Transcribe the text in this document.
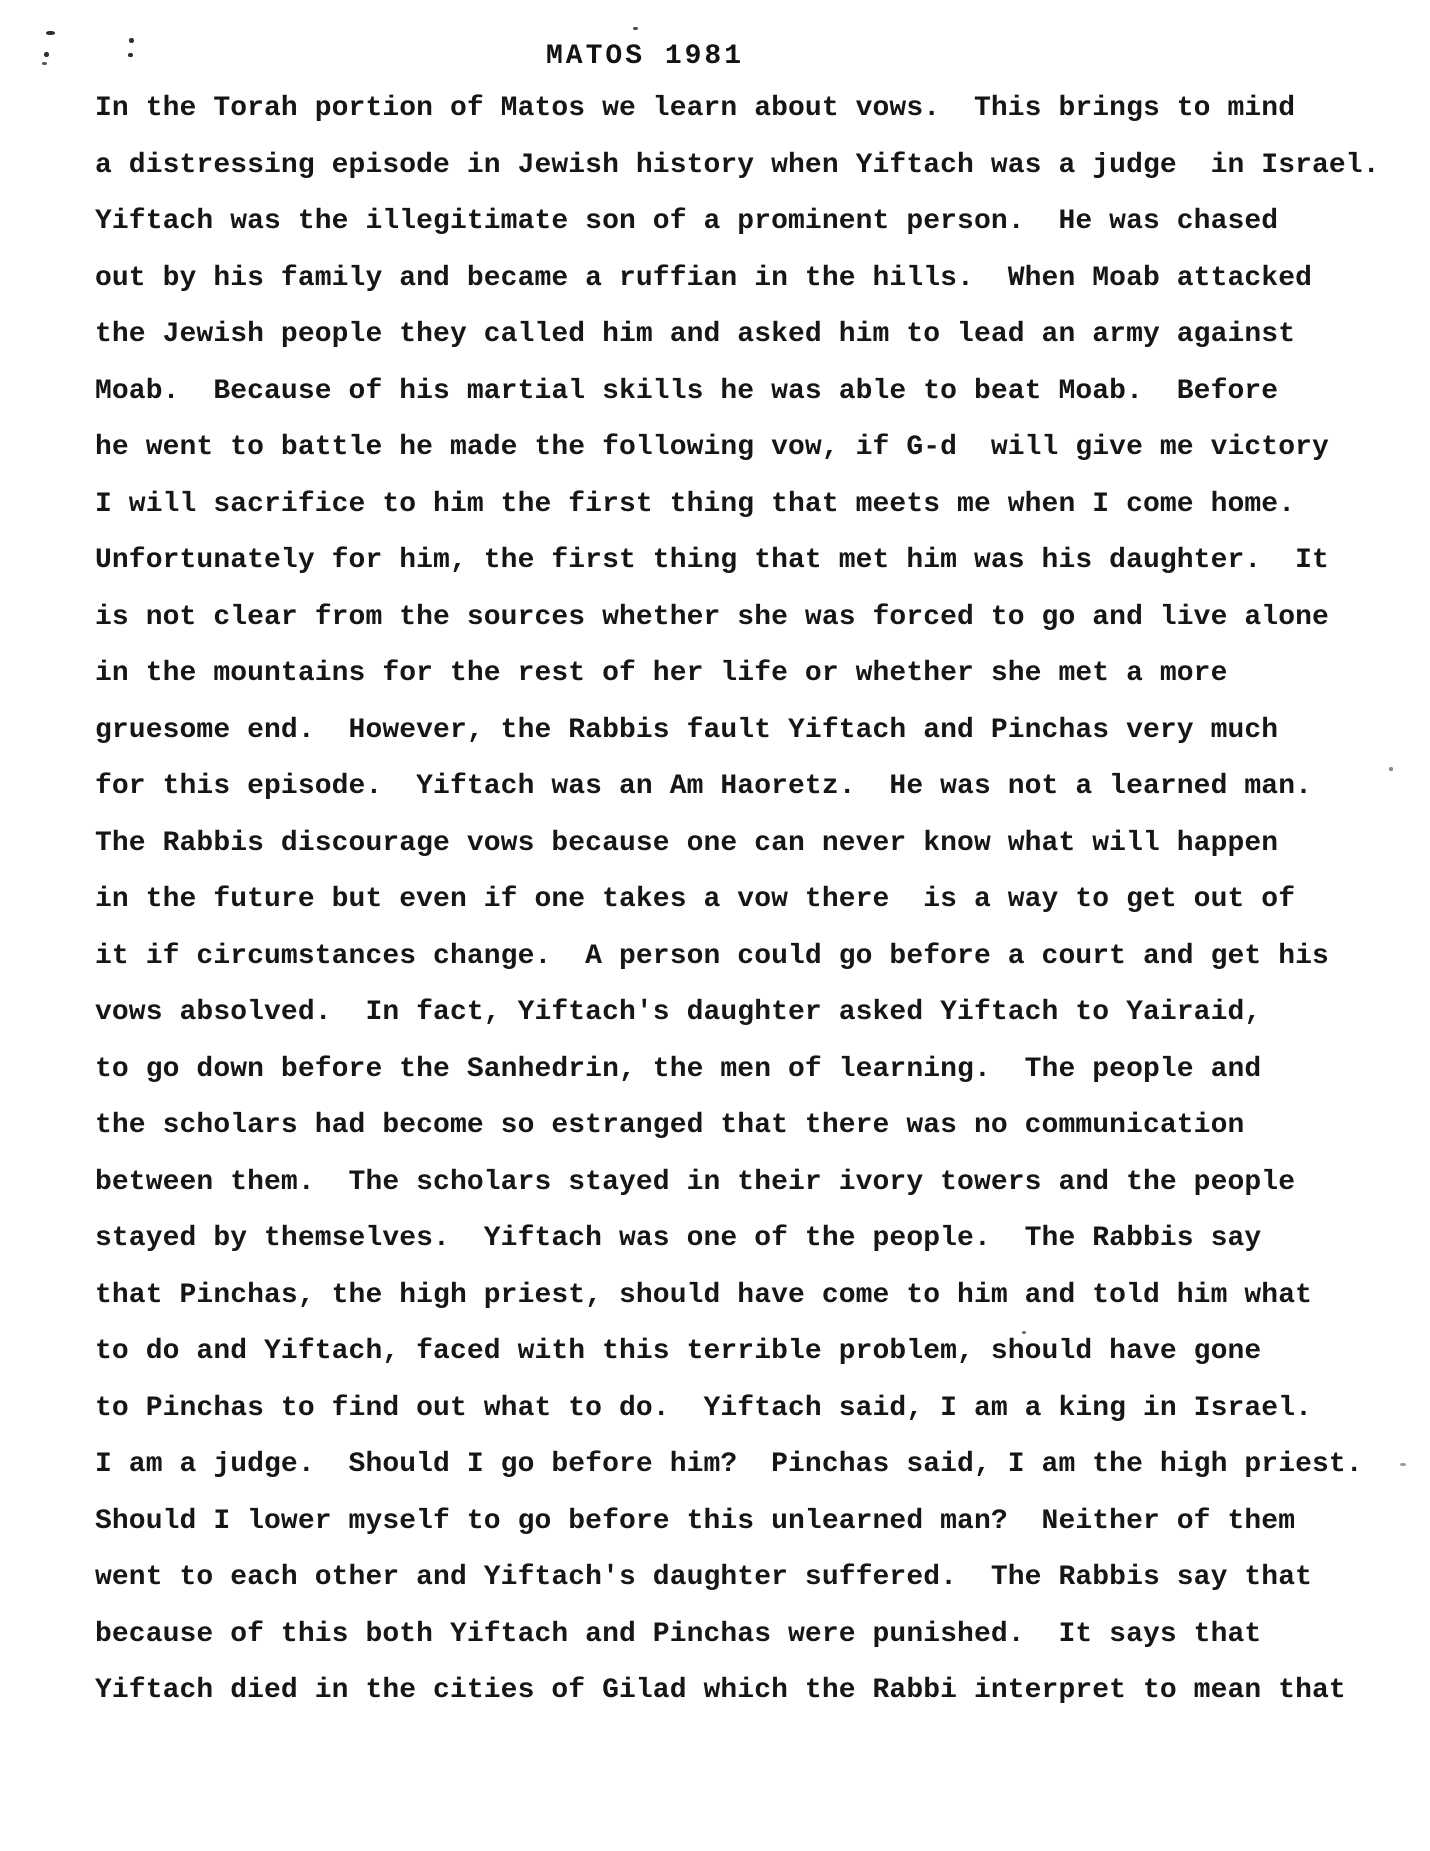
MATOS 1981
In the Torah portion of Matos we learn about vows.  This brings to mind
a distressing episode in Jewish history when Yiftach was a judge  in Israel.
Yiftach was the illegitimate son of a prominent person.  He was chased
out by his family and became a ruffian in the hills.  When Moab attacked
the Jewish people they called him and asked him to lead an army against
Moab.  Because of his martial skills he was able to beat Moab.  Before
he went to battle he made the following vow, if G-d  will give me victory
I will sacrifice to him the first thing that meets me when I come home.
Unfortunately for him, the first thing that met him was his daughter.  It
is not clear from the sources whether she was forced to go and live alone
in the mountains for the rest of her life or whether she met a more
gruesome end.  However, the Rabbis fault Yiftach and Pinchas very much
for this episode.  Yiftach was an Am Haoretz.  He was not a learned man.
The Rabbis discourage vows because one can never know what will happen
in the future but even if one takes a vow there  is a way to get out of
it if circumstances change.  A person could go before a court and get his
vows absolved.  In fact, Yiftach's daughter asked Yiftach to Yairaid,
to go down before the Sanhedrin, the men of learning.  The people and
the scholars had become so estranged that there was no communication
between them.  The scholars stayed in their ivory towers and the people
stayed by themselves.  Yiftach was one of the people.  The Rabbis say
that Pinchas, the high priest, should have come to him and told him what
to do and Yiftach, faced with this terrible problem, should have gone
to Pinchas to find out what to do.  Yiftach said, I am a king in Israel.
I am a judge.  Should I go before him?  Pinchas said, I am the high priest.
Should I lower myself to go before this unlearned man?  Neither of them
went to each other and Yiftach's daughter suffered.  The Rabbis say that
because of this both Yiftach and Pinchas were punished.  It says that
Yiftach died in the cities of Gilad which the Rabbi interpret to mean that
